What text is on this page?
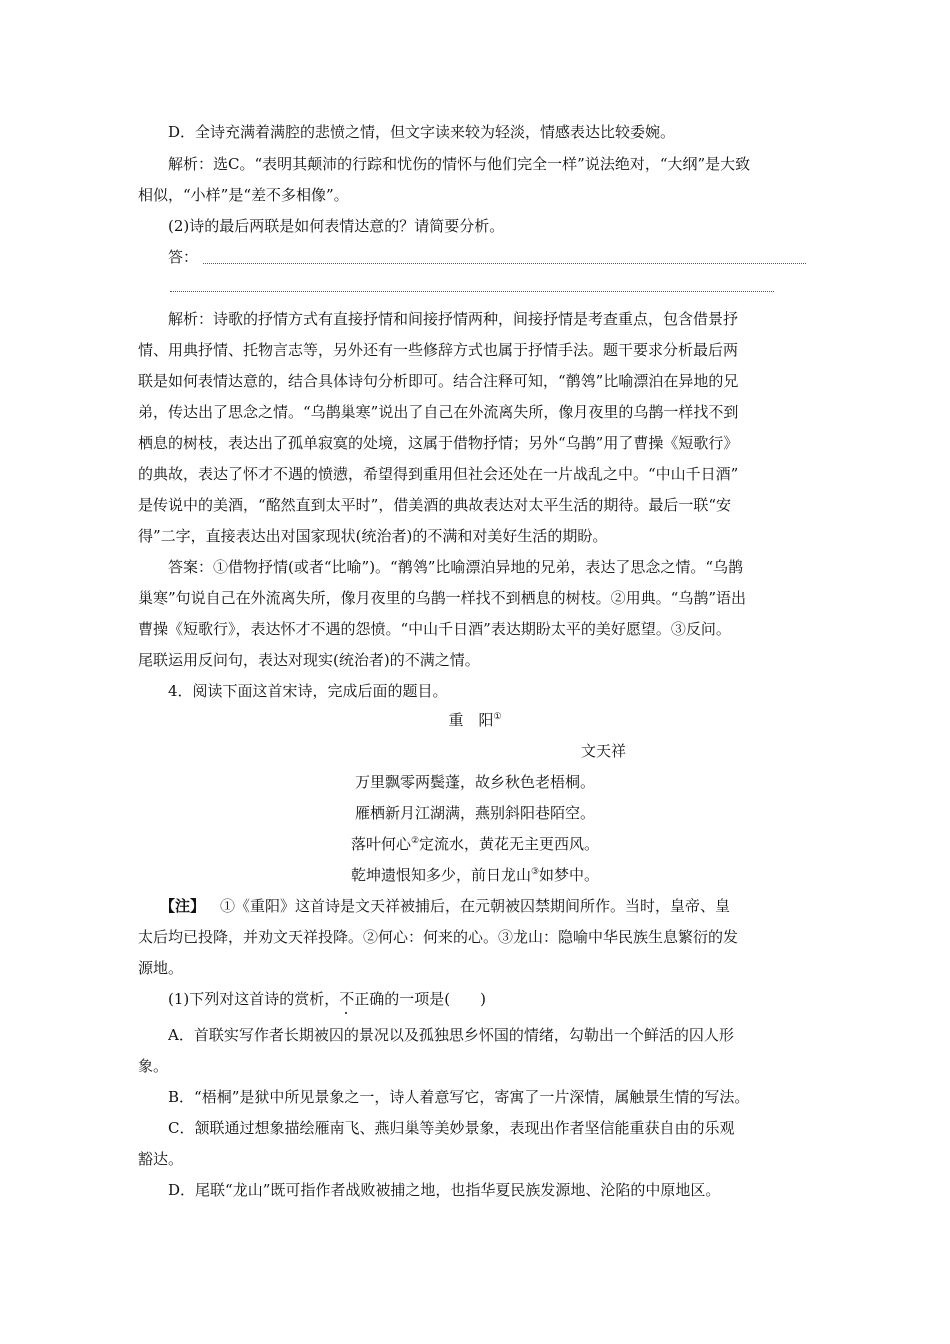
D．全诗充满着满腔的悲愤之情，但文字读来较为轻淡，情感表达比较委婉。
解析：选C。“表明其颠沛的行踪和忧伤的情怀与他们完全一样”说法绝对，“大纲”是大致
相似，“小样”是“差不多相像”。
(2)诗的最后两联是如何表情达意的？请简要分析。
答：
解析：诗歌的抒情方式有直接抒情和间接抒情两种，间接抒情是考查重点，包含借景抒
情、用典抒情、托物言志等，另外还有一些修辞方式也属于抒情手法。题干要求分析最后两
联是如何表情达意的，结合具体诗句分析即可。结合注释可知，“鹡鸰”比喻漂泊在异地的兄
弟，传达出了思念之情。“乌鹊巢寒”说出了自己在外流离失所，像月夜里的乌鹊一样找不到
栖息的树枝，表达出了孤单寂寞的处境，这属于借物抒情；另外“乌鹊”用了曹操《短歌行》
的典故，表达了怀才不遇的愤懑，希望得到重用但社会还处在一片战乱之中。“中山千日酒”
是传说中的美酒，“酩然直到太平时”，借美酒的典故表达对太平生活的期待。最后一联“安
得”二字，直接表达出对国家现状(统治者)的不满和对美好生活的期盼。
答案：①借物抒情(或者“比喻”)。“鹡鸰”比喻漂泊异地的兄弟，表达了思念之情。“乌鹊
巢寒”句说自己在外流离失所，像月夜里的乌鹊一样找不到栖息的树枝。②用典。“乌鹊”语出
曹操《短歌行》，表达怀才不遇的怨愤。“中山千日酒”表达期盼太平的美好愿望。③反问。
尾联运用反问句，表达对现实(统治者)的不满之情。
4．阅读下面这首宋诗，完成后面的题目。
重　阳①
文天祥
万里飘零两鬓蓬，故乡秋色老梧桐。
雁栖新月江湖满，燕别斜阳巷陌空。
落叶何心②定流水，黄花无主更西风。
乾坤遗恨知多少，前日龙山③如梦中。
【注】  ①《重阳》这首诗是文天祥被捕后，在元朝被囚禁期间所作。当时，皇帝、皇
太后均已投降，并劝文天祥投降。②何心：何来的心。③龙山：隐喻中华民族生息繁衍的发
源地。
(1)下列对这首诗的赏析，不正确的一项是(　　)
A．首联实写作者长期被囚的景况以及孤独思乡怀国的情绪，勾勒出一个鲜活的囚人形
象。
B．“梧桐”是狱中所见景象之一，诗人着意写它，寄寓了一片深情，属触景生情的写法。
C．颔联通过想象描绘雁南飞、燕归巢等美妙景象，表现出作者坚信能重获自由的乐观
豁达。
D．尾联“龙山”既可指作者战败被捕之地，也指华夏民族发源地、沦陷的中原地区。
